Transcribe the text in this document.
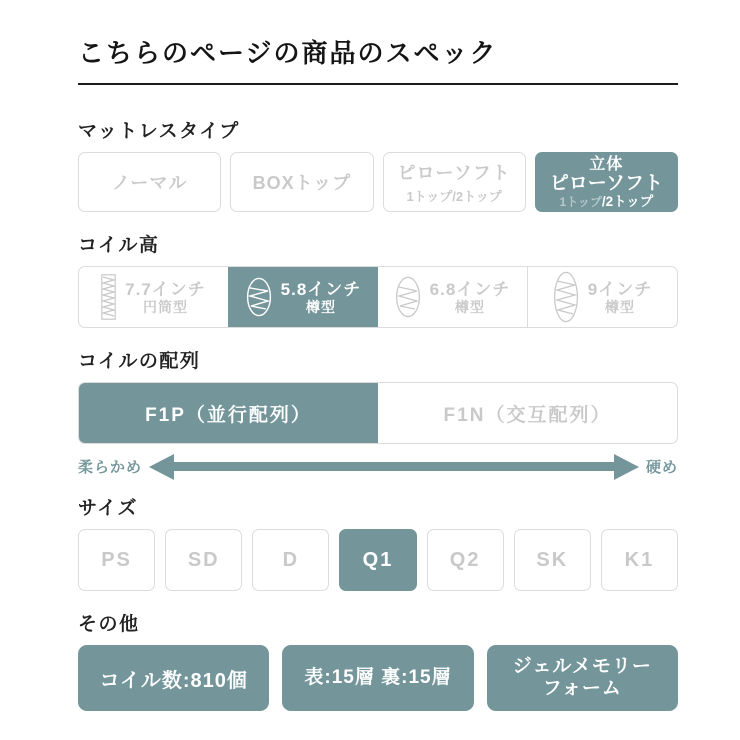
こちらのページの商品のスペック
マットレスタイプ
ノーマル	BOXトップ	ピローソフト
1トップ/2トップ
立体
ピローソフト
1トップ/2トップ
コイル高
7.7インチ
円筒型
5.8インチ
樽型
6.8インチ
樽型
9インチ
樽型
コイルの配列
F1P（並行配列）	F1N（交互配列）
柔らかめ	硬め
サイズ
PS	SD	D	Q1	Q2	SK	K1
その他
コイル数:810個	表:15層 裏:15層
ジェルメモリー
フォーム
